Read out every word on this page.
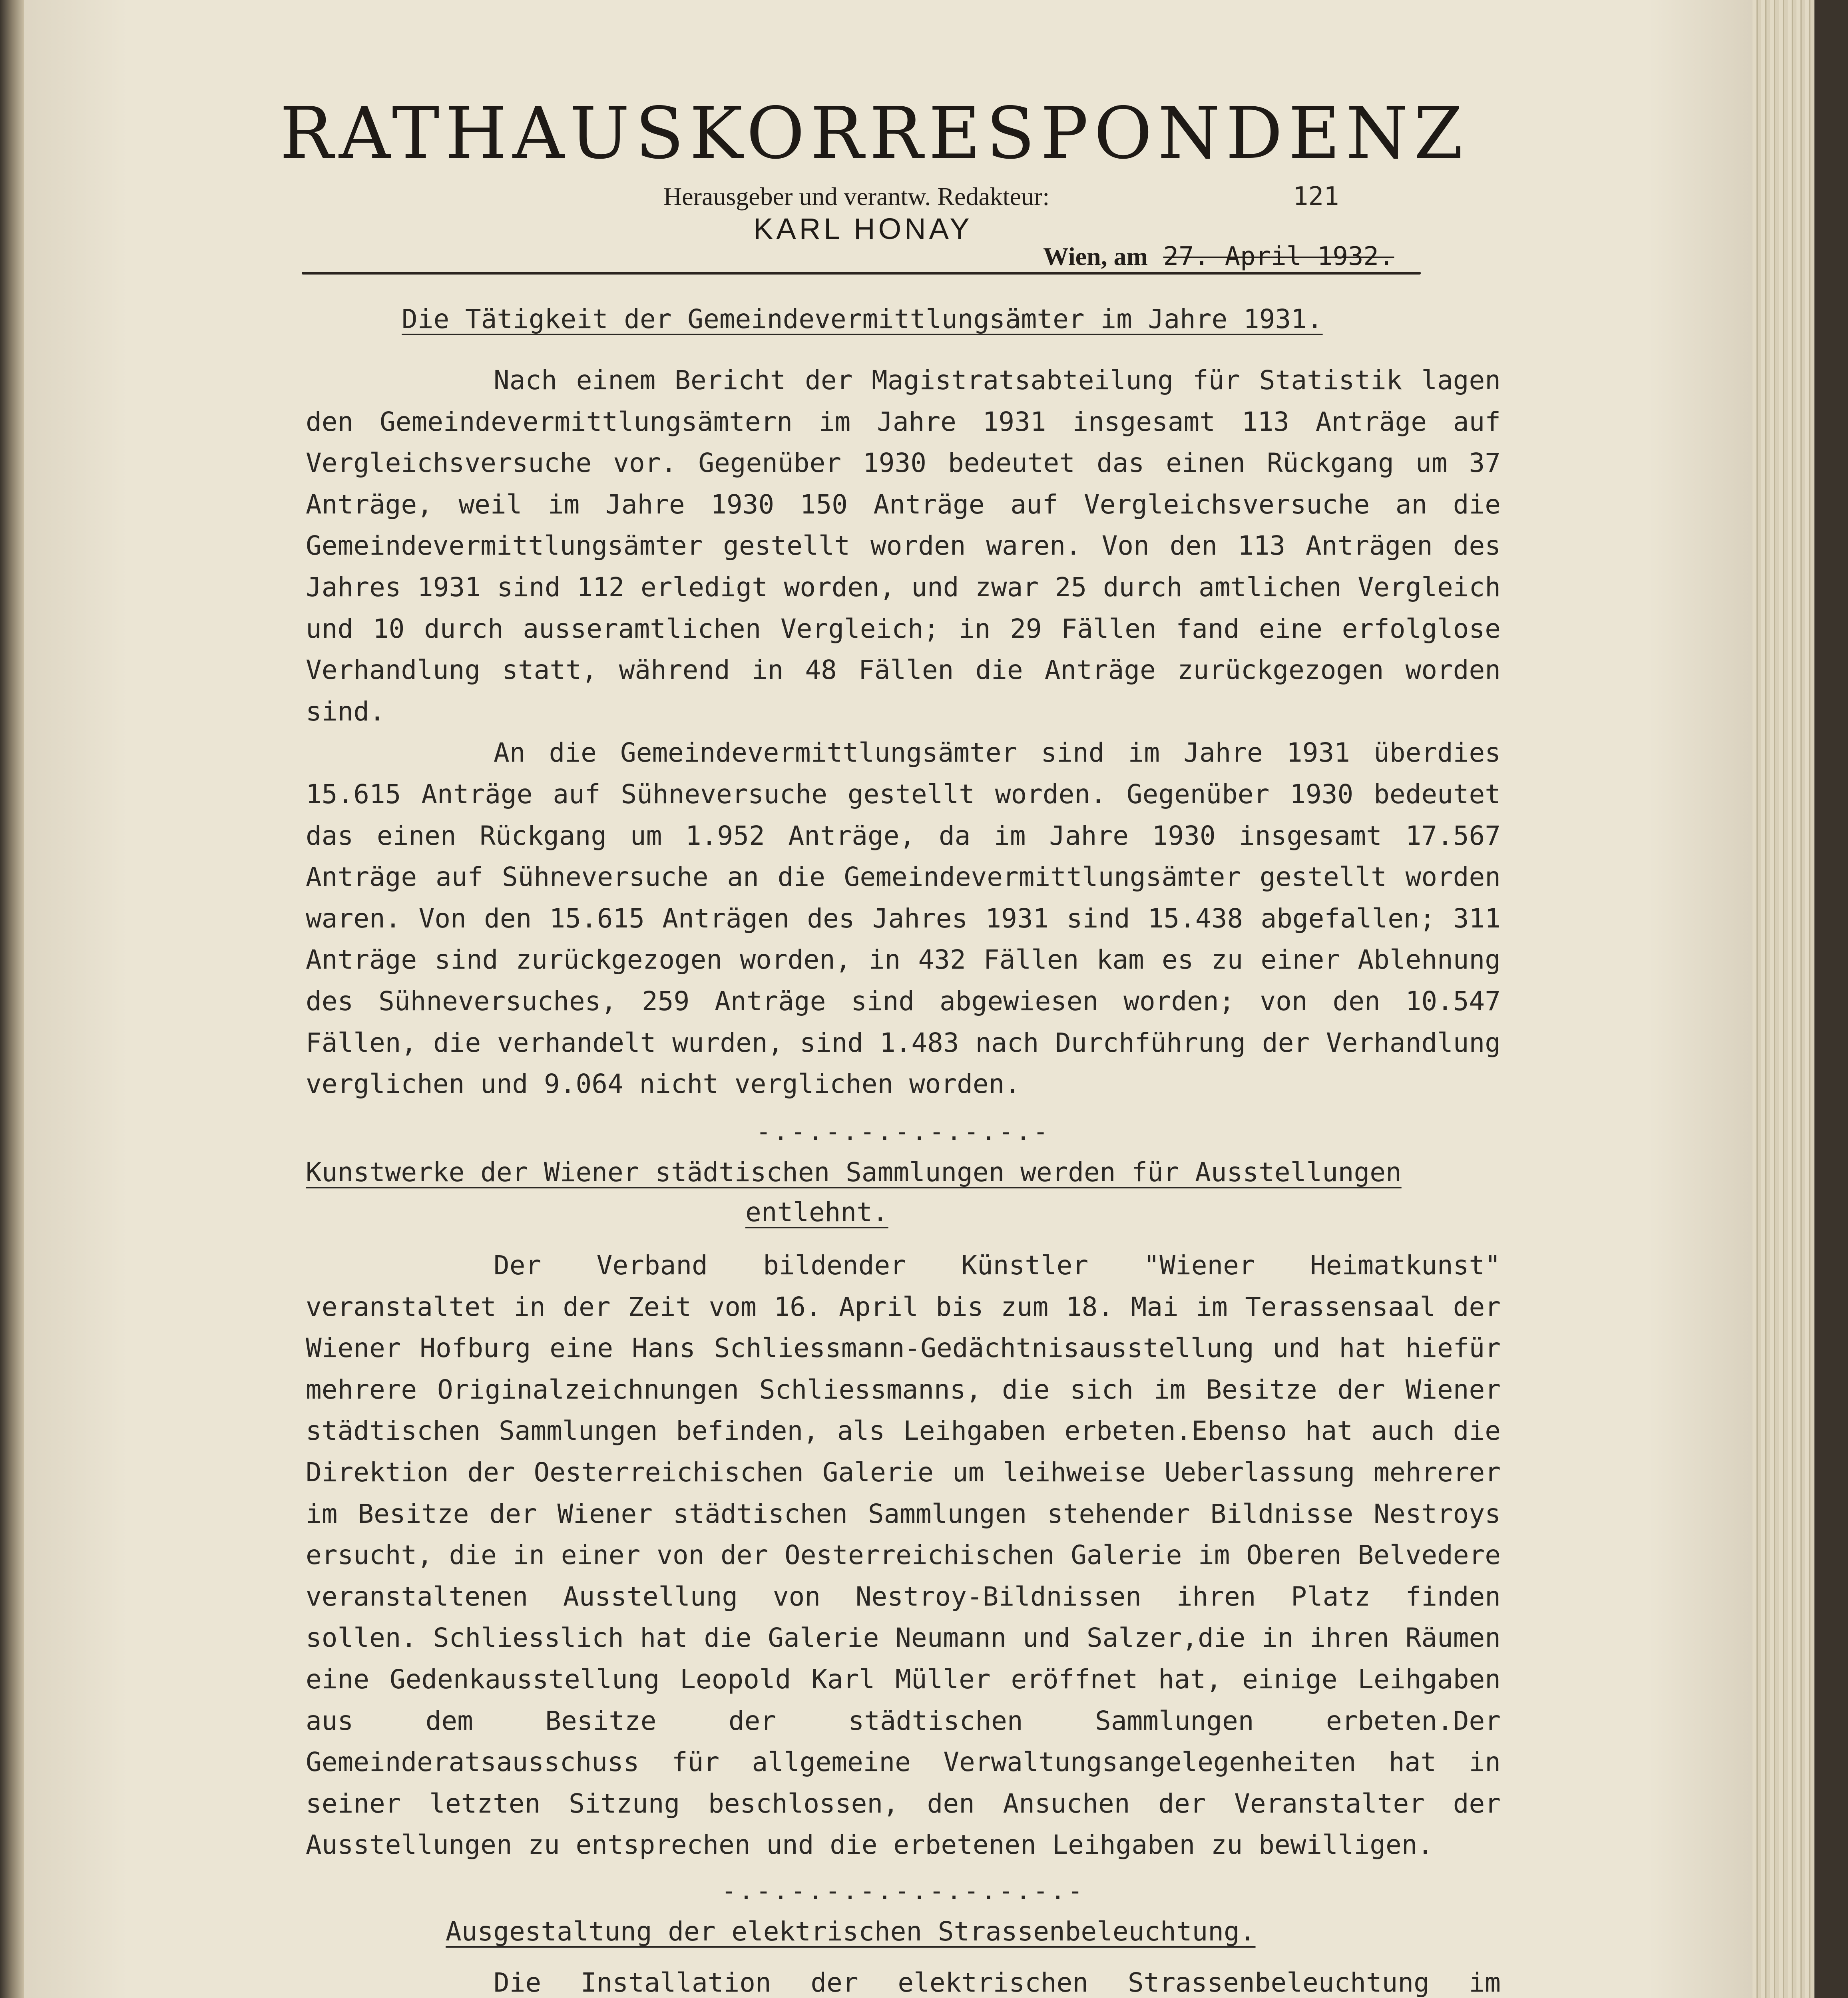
RATHAUSKORRESPONDENZ
Herausgeber und verantw. Redakteur:
KARL HONAY
121
Wien, am 27. April 1932.
Die Tätigkeit der Gemeindevermittlungsämter im Jahre 1931.

Nach einem Bericht der Magistratsabteilung für Statistik lagen den Gemeindevermittlungsämtern im Jahre 1931 insgesamt 113 Anträge auf Vergleichsversuche vor. Gegenüber 1930 bedeutet das einen Rückgang um 37 Anträge, weil im Jahre 1930 150 Anträge auf Vergleichsversuche an die Gemeindevermittlungsämter gestellt worden waren. Von den 113 Anträgen des Jahres 1931 sind 112 erledigt worden, und zwar 25 durch amtlichen Vergleich und 10 durch ausseramtlichen Vergleich; in 29 Fällen fand eine erfolglose Verhandlung statt, während in 48 Fällen die Anträge zurückgezogen worden sind.

An die Gemeindevermittlungsämter sind im Jahre 1931 überdies 15.615 Anträge auf Sühneversuche gestellt worden. Gegenüber 1930 bedeutet das einen Rückgang um 1.952 Anträge, da im Jahre 1930 insgesamt 17.567 Anträge auf Sühneversuche an die Gemeindevermittlungsämter gestellt worden waren. Von den 15.615 Anträgen des Jahres 1931 sind 15.438 abgefallen; 311 Anträge sind zurückgezogen worden, in 432 Fällen kam es zu einer Ablehnung des Sühneversuches, 259 Anträge sind abgewiesen worden; von den 10.547 Fällen, die verhandelt wurden, sind 1.483 nach Durchführung der Verhandlung verglichen und 9.064 nicht verglichen worden.

-.-.-.-.-.-.-.-.-
Kunstwerke der Wiener städtischen Sammlungen werden für Ausstellungen
entlehnt.

Der Verband bildender Künstler "Wiener Heimatkunst" veranstaltet in der Zeit vom 16. April bis zum 18. Mai im Terassensaal der Wiener Hofburg eine Hans Schliessmann-Gedächtnisausstellung und hat hiefür mehrere Originalzeichnungen Schliessmanns, die sich im Besitze der Wiener städtischen Sammlungen befinden, als Leihgaben erbeten.Ebenso hat auch die Direktion der Oesterreichischen Galerie um leihweise Ueberlassung mehrerer im Besitze der Wiener städtischen Sammlungen stehender Bildnisse Nestroys ersucht, die in einer von der Oesterreichischen Galerie im Oberen Belvedere veranstaltenen Ausstellung von Nestroy-Bildnissen ihren Platz finden sollen. Schliesslich hat die Galerie Neumann und Salzer,die in ihren Räumen eine Gedenkausstellung Leopold Karl Müller eröffnet hat, einige Leihgaben aus dem Besitze der städtischen Sammlungen erbeten.Der Gemeinderatsausschuss für allgemeine Verwaltungsangelegenheiten hat in seiner letzten Sitzung beschlossen, den Ansuchen der Veranstalter der Ausstellungen zu entsprechen und die erbetenen Leihgaben zu bewilligen.

-.-.-.-.-.-.-.-.-.-.-
Ausgestaltung der elektrischen Strassenbeleuchtung.

Die Installation der elektrischen Strassenbeleuchtung im
